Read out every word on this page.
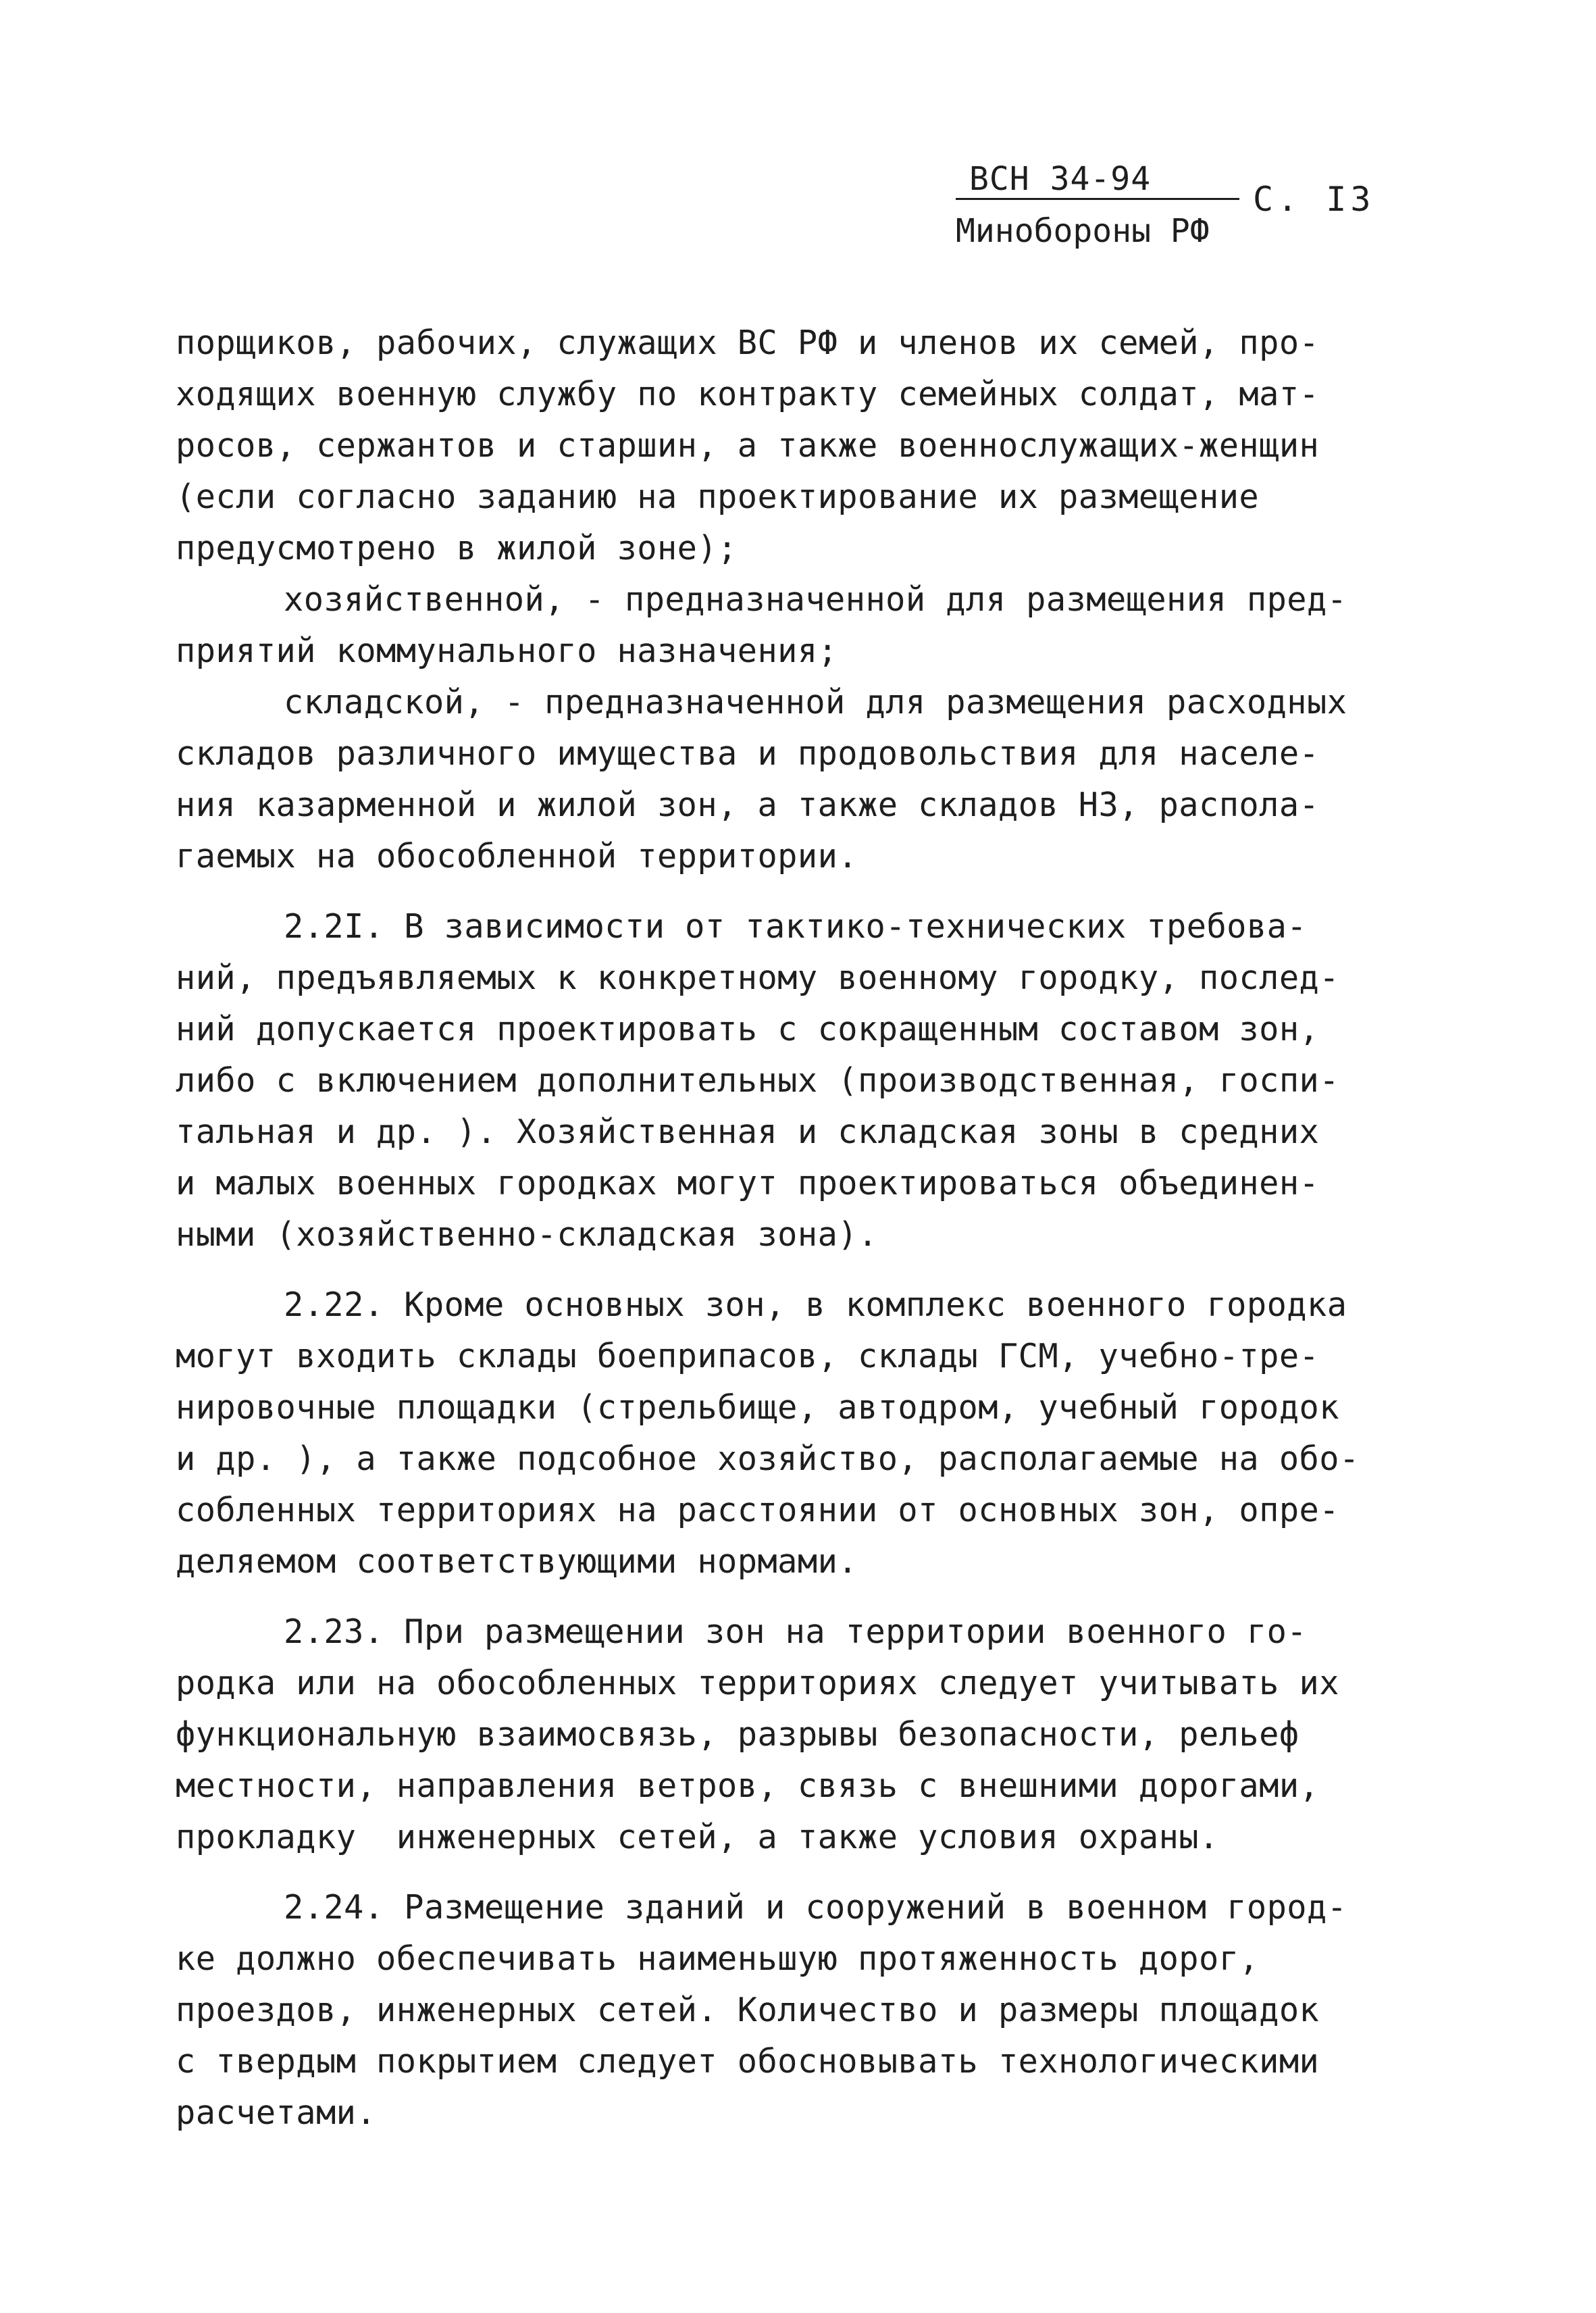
ВСН 34-94
С. I3
Минобороны РФ
порщиков, рабочих, служащих ВС РФ и членов их семей, про-
ходящих военную службу по контракту семейных солдат, мат-
росов, сержантов и старшин, а также военнослужащих-женщин
(если согласно заданию на проектирование их размещение
предусмотрено в жилой зоне);
хозяйственной, - предназначенной для размещения пред-
приятий коммунального назначения;
складской, - предназначенной для размещения расходных
складов различного имущества и продовольствия для населе-
ния казарменной и жилой зон, а также складов НЗ, распола-
гаемых на обособленной территории.
2.2I. В зависимости от тактико-технических требова-
ний, предъявляемых к конкретному военному городку, послед-
ний допускается проектировать с сокращенным составом зон,
либо с включением дополнительных (производственная, госпи-
тальная и др. ). Хозяйственная и складская зоны в средних
и малых военных городках могут проектироваться объединен-
ными (хозяйственно-складская зона).
2.22. Кроме основных зон, в комплекс военного городка
могут входить склады боеприпасов, склады ГСМ, учебно-тре-
нировочные площадки (стрельбище, автодром, учебный городок
и др. ), а также подсобное хозяйство, располагаемые на обо-
собленных территориях на расстоянии от основных зон, опре-
деляемом соответствующими нормами.
2.23. При размещении зон на территории военного го-
родка или на обособленных территориях следует учитывать их
функциональную взаимосвязь, разрывы безопасности, рельеф
местности, направления ветров, связь с внешними дорогами,
прокладку  инженерных сетей, а также условия охраны.
2.24. Размещение зданий и сооружений в военном город-
ке должно обеспечивать наименьшую протяженность дорог,
проездов, инженерных сетей. Количество и размеры площадок
с твердым покрытием следует обосновывать технологическими
расчетами.
